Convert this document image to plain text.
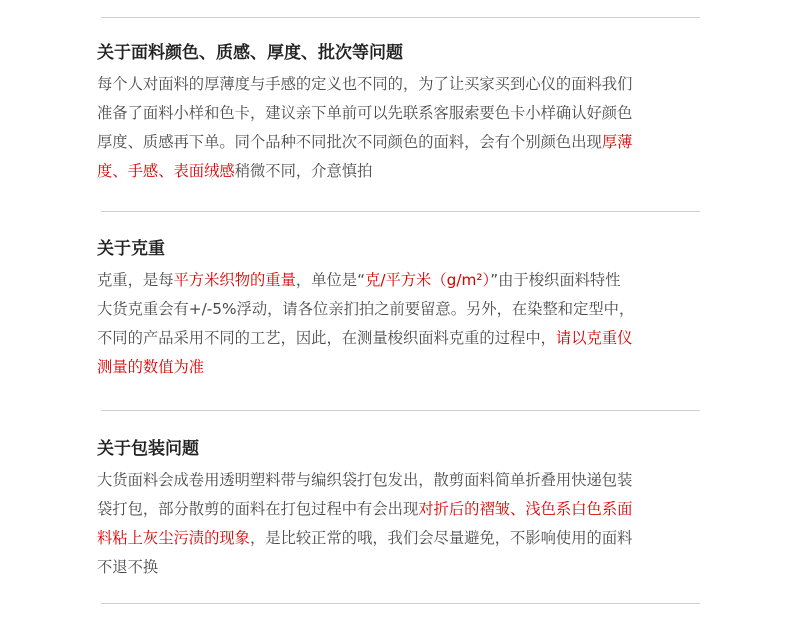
关于面料颜色、质感、厚度、批次等问题
每个人对面料的厚薄度与手感的定义也不同的，为了让买家买到心仪的面料我们
准备了面料小样和色卡，建议亲下单前可以先联系客服索要色卡小样确认好颜色
厚度、质感再下单。同个品种不同批次不同颜色的面料，会有个别颜色出现厚薄
度、手感、表面绒感稍微不同，介意慎拍
关于克重
克重，是每平方米织物的重量，单位是“克/平方米（g/m²）”由于梭织面料特性
大货克重会有+/-5%浮动，请各位亲扪拍之前要留意。另外，在染整和定型中，
不同的产品采用不同的工艺，因此，在测量梭织面料克重的过程中，请以克重仪
测量的数值为准
关于包装问题
大货面料会成卷用透明塑料带与编织袋打包发出，散剪面料简单折叠用快递包装
袋打包，部分散剪的面料在打包过程中有会出现对折后的褶皱、浅色系白色系面
料粘上灰尘污渍的现象，是比较正常的哦，我们会尽量避免，不影响使用的面料
不退不换
